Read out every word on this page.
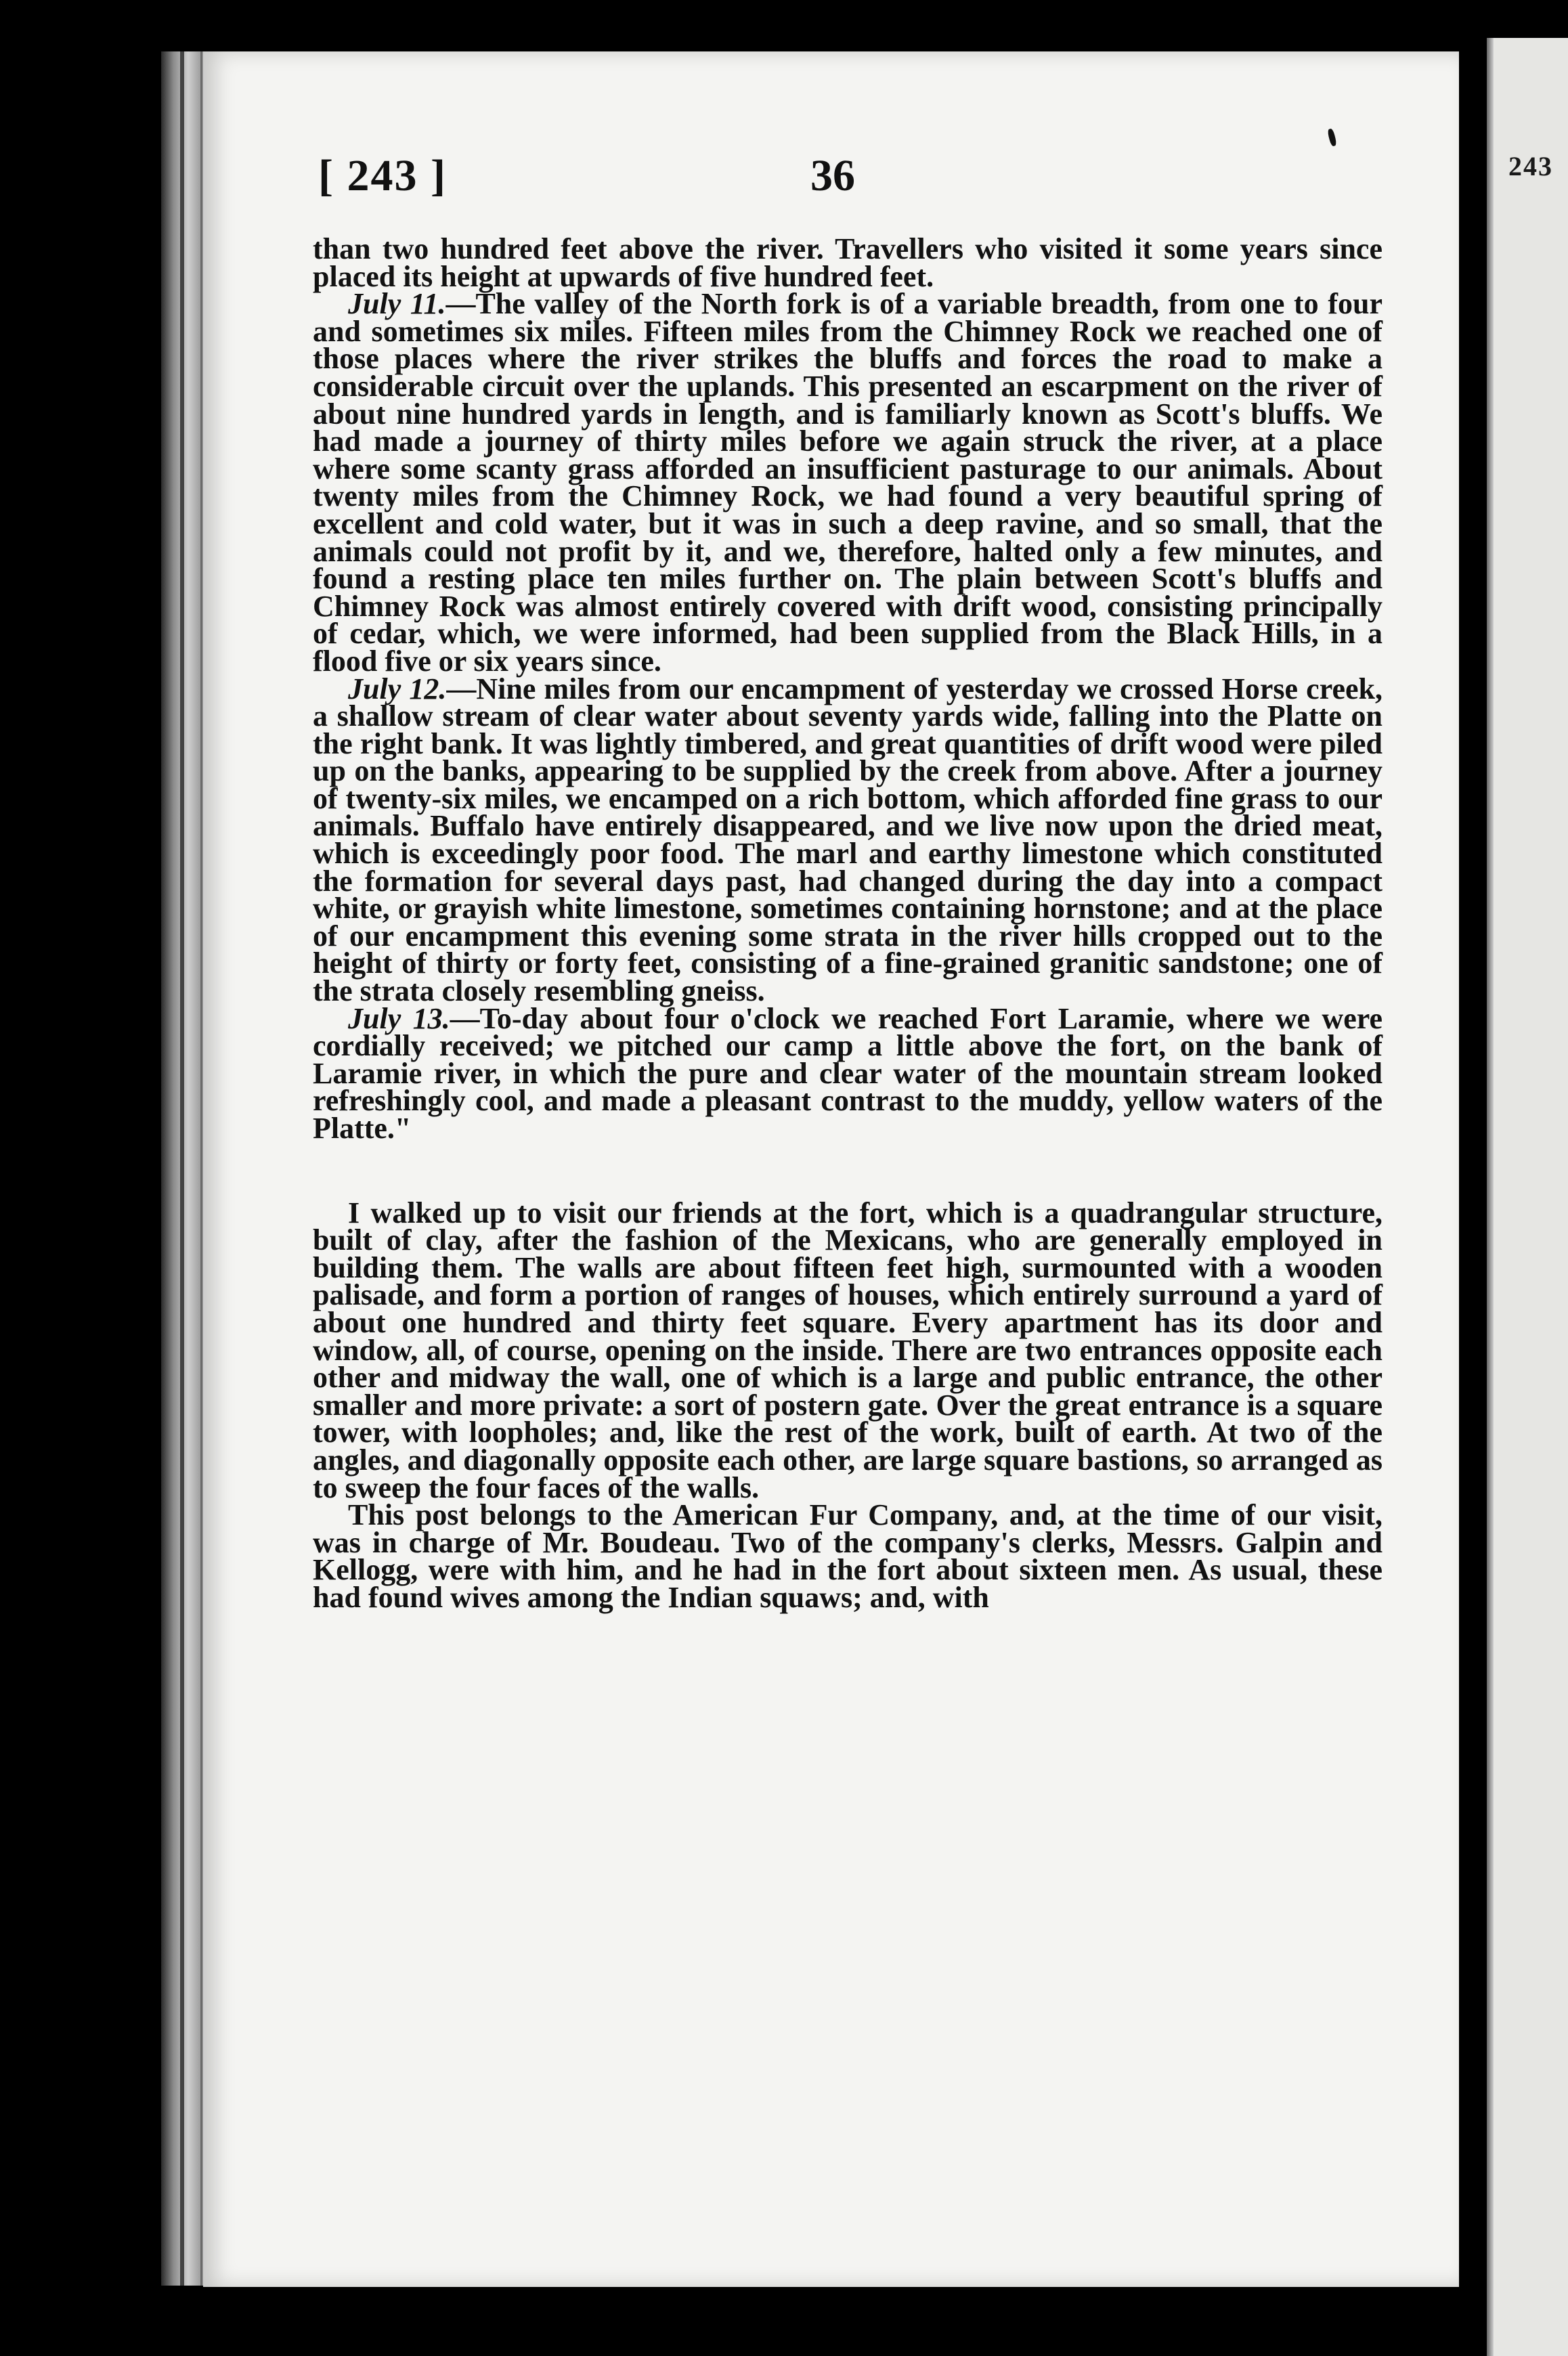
243
[ 243 ]	36

than two hundred feet above the river. Travellers who visited it some years since placed its height at upwards of five hundred feet.

July 11.—The valley of the North fork is of a variable breadth, from one to four and sometimes six miles. Fifteen miles from the Chimney Rock we reached one of those places where the river strikes the bluffs and forces the road to make a considerable circuit over the uplands. This presented an escarpment on the river of about nine hundred yards in length, and is familiarly known as Scott's bluffs. We had made a journey of thirty miles before we again struck the river, at a place where some scanty grass afforded an insufficient pasturage to our animals. About twenty miles from the Chimney Rock, we had found a very beautiful spring of excellent and cold water, but it was in such a deep ravine, and so small, that the animals could not profit by it, and we, therefore, halted only a few minutes, and found a resting place ten miles further on. The plain between Scott's bluffs and Chimney Rock was almost entirely covered with drift wood, consisting principally of cedar, which, we were informed, had been supplied from the Black Hills, in a flood five or six years since.

July 12.—Nine miles from our encampment of yesterday we crossed Horse creek, a shallow stream of clear water about seventy yards wide, falling into the Platte on the right bank. It was lightly timbered, and great quantities of drift wood were piled up on the banks, appearing to be supplied by the creek from above. After a journey of twenty-six miles, we encamped on a rich bottom, which afforded fine grass to our animals. Buffalo have entirely disappeared, and we live now upon the dried meat, which is exceedingly poor food. The marl and earthy limestone which constituted the formation for several days past, had changed during the day into a compact white, or grayish white limestone, sometimes containing hornstone; and at the place of our encampment this evening some strata in the river hills cropped out to the height of thirty or forty feet, consisting of a fine-grained granitic sandstone; one of the strata closely resembling gneiss.

July 13.—To-day about four o'clock we reached Fort Laramie, where we were cordially received; we pitched our camp a little above the fort, on the bank of Laramie river, in which the pure and clear water of the mountain stream looked refreshingly cool, and made a pleasant contrast to the muddy, yellow waters of the Platte."

I walked up to visit our friends at the fort, which is a quadrangular structure, built of clay, after the fashion of the Mexicans, who are generally employed in building them. The walls are about fifteen feet high, surmounted with a wooden palisade, and form a portion of ranges of houses, which entirely surround a yard of about one hundred and thirty feet square. Every apartment has its door and window, all, of course, opening on the inside. There are two entrances opposite each other and midway the wall, one of which is a large and public entrance, the other smaller and more private: a sort of postern gate. Over the great entrance is a square tower, with loopholes; and, like the rest of the work, built of earth. At two of the angles, and diagonally opposite each other, are large square bastions, so arranged as to sweep the four faces of the walls.

This post belongs to the American Fur Company, and, at the time of our visit, was in charge of Mr. Boudeau. Two of the company's clerks, Messrs. Galpin and Kellogg, were with him, and he had in the fort about sixteen men. As usual, these had found wives among the Indian squaws; and, with
